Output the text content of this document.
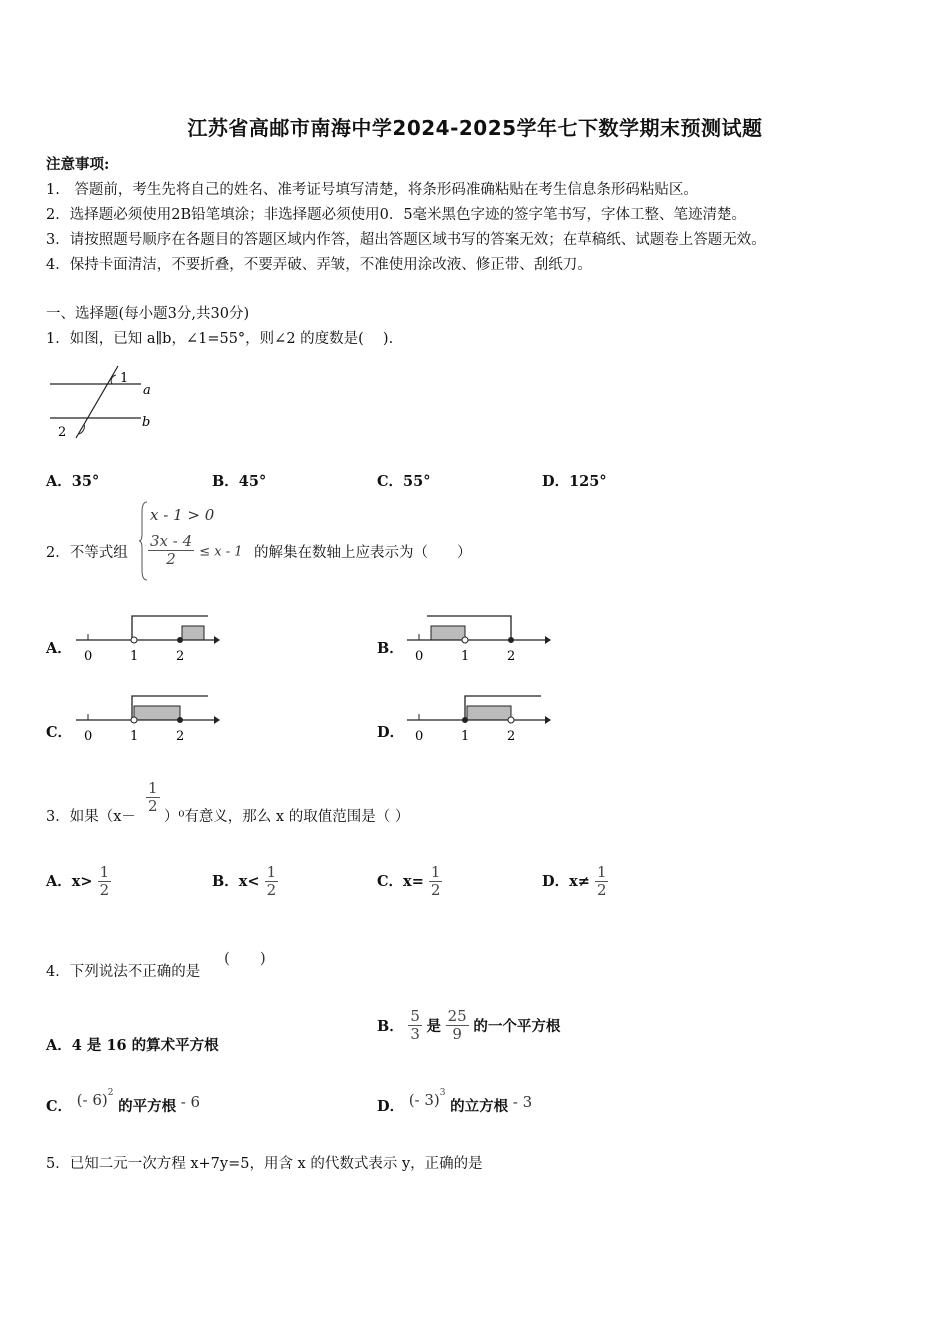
江苏省高邮市南海中学2024-2025学年七下数学期末预测试题
注意事项:
1.　答题前，考生先将自己的姓名、准考证号填写清楚，将条形码准确粘贴在考生信息条形码粘贴区。
2．选择题必须使用2B铅笔填涂；非选择题必须使用0．5毫米黑色字迹的签字笔书写，字体工整、笔迹清楚。
3．请按照题号顺序在各题目的答题区域内作答，超出答题区域书写的答案无效；在草稿纸、试题卷上答题无效。
4．保持卡面清洁，不要折叠，不要弄破、弄皱，不准使用涂改液、修正带、刮纸刀。
一、选择题(每小题3分,共30分)
1．如图，已知 a∥b，∠1=55°，则∠2 的度数是(　 ).
1
2
a
b
A．35°	B．45°	C．55°	D．125°
2．不等式组
x - 1 > 0
$\frac{3x - 4}{2} \le x - 1$ 的解集在数轴上应表示为（　　）
A． 0	1	2	B． 0	1	2
C． 0	1	2	D． 0	1	2
3．如果（x－
$\frac{1}{2}$
）⁰有意义，那么 x 的取值范围是（ ）
A．$x> \frac{1}{2}$	B．$x< \frac{1}{2}$	C．$x= \frac{1}{2}$	D．$x\ne \frac{1}{2}$
4．下列说法不正确的是
(　　)
A．4 是 16 的算术平方根
B． $\frac{5}{3}$ 是 $\frac{25}{9}$ 的一个平方根
C． (- 6)$^2$ 的平方根 - 6	D． (- 3)$^3$ 的立方根 - 3
5．已知二元一次方程 x+7y=5，用含 x 的代数式表示 y，正确的是
